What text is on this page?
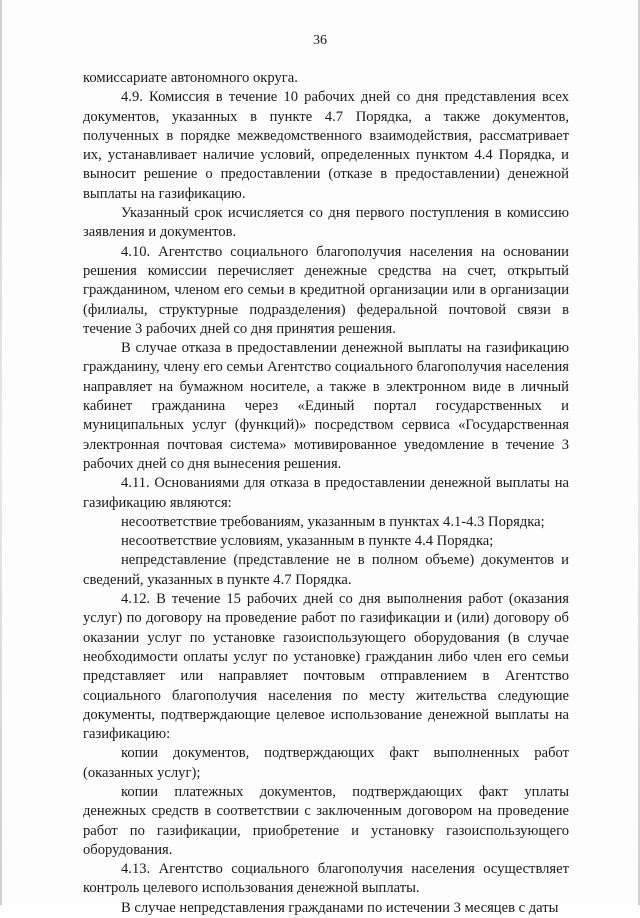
36

комиссариате автономного округа.

4.9. Комиссия в течение 10 рабочих дней со дня представления всех документов, указанных в пункте 4.7 Порядка, а также документов, полученных в порядке межведомственного взаимодействия, рассматривает их, устанавливает наличие условий, определенных пунктом 4.4 Порядка, и выносит решение о предоставлении (отказе в предоставлении) денежной выплаты на газификацию.

Указанный срок исчисляется со дня первого поступления в комиссию заявления и документов.

4.10. Агентство социального благополучия населения на основании решения комиссии перечисляет денежные средства на счет, открытый гражданином, членом его семьи в кредитной организации или в организации (филиалы, структурные подразделения) федеральной почтовой связи в течение 3 рабочих дней со дня принятия решения.

В случае отказа в предоставлении денежной выплаты на газификацию гражданину, члену его семьи Агентство социального благополучия населения направляет на бумажном носителе, а также в электронном виде в личный кабинет гражданина через «Единый портал государственных и муниципальных услуг (функций)» посредством сервиса «Государственная электронная почтовая система» мотивированное уведомление в течение 3 рабочих дней со дня вынесения решения.

4.11. Основаниями для отказа в предоставлении денежной выплаты на газификацию являются:

несоответствие требованиям, указанным в пунктах 4.1-4.3 Порядка;

несоответствие условиям, указанным в пункте 4.4 Порядка;

непредставление (представление не в полном объеме) документов и сведений, указанных в пункте 4.7 Порядка.

4.12. В течение 15 рабочих дней со дня выполнения работ (оказания услуг) по договору на проведение работ по газификации и (или) договору об оказании услуг по установке газоиспользующего оборудования (в случае необходимости оплаты услуг по установке) гражданин либо член его семьи представляет или направляет почтовым отправлением в Агентство социального благополучия населения по месту жительства следующие документы, подтверждающие целевое использование денежной выплаты на газификацию:

копии документов, подтверждающих факт выполненных работ (оказанных услуг);

копии платежных документов, подтверждающих факт уплаты денежных средств в соответствии с заключенным договором на проведение работ по газификации, приобретение и установку газоиспользующего оборудования.

4.13. Агентство социального благополучия населения осуществляет контроль целевого использования денежной выплаты.

В случае непредставления гражданами по истечении 3 месяцев с даты
